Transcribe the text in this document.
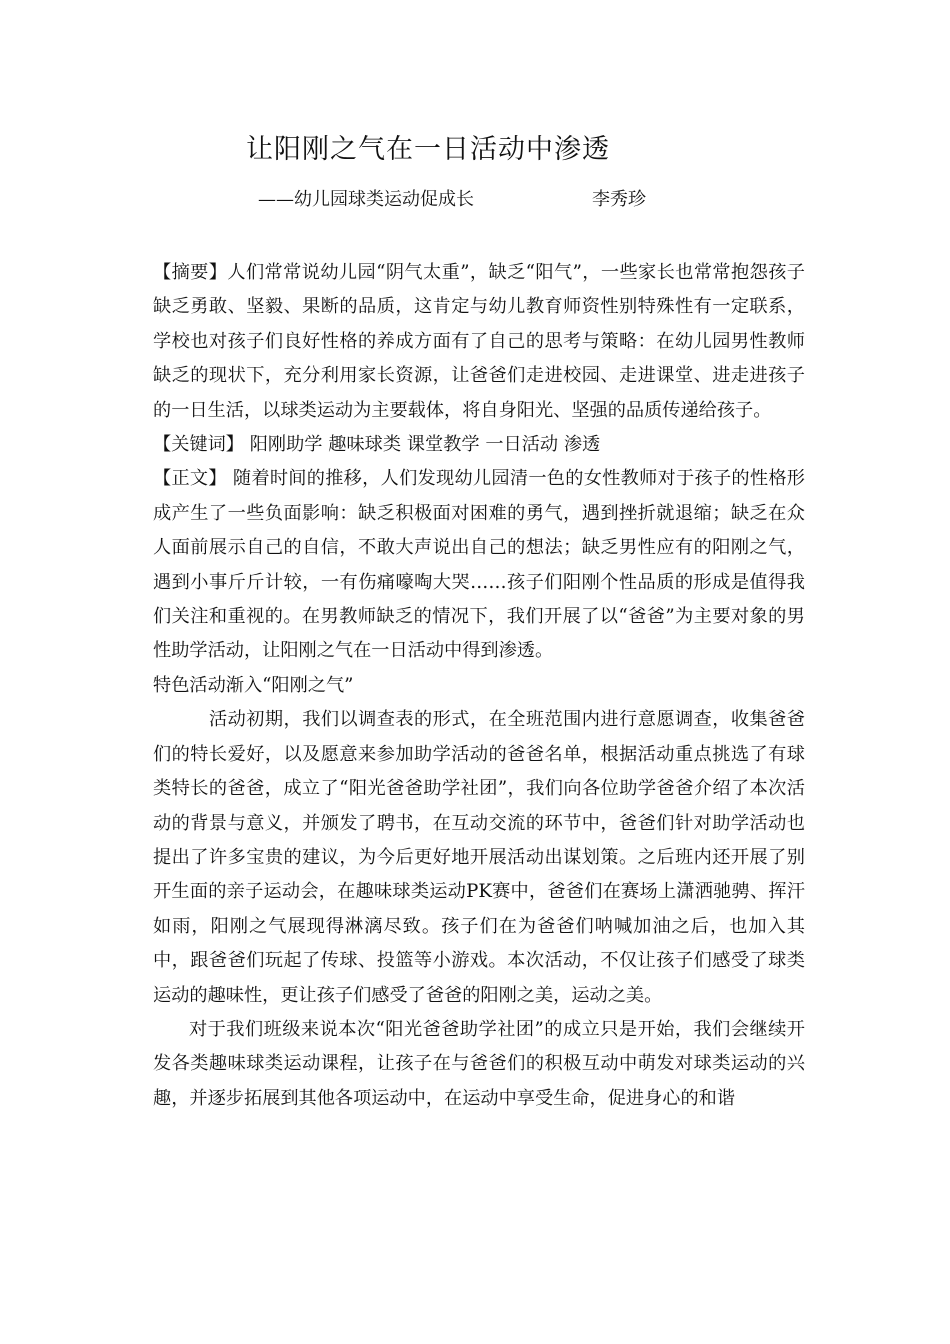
让阳刚之气在一日活动中渗透
——幼儿园球类运动促成长	李秀珍

【摘要】人们常常说幼儿园“阴气太重”，缺乏“阳气”，一些家长也常常抱怨孩子缺乏勇敢、坚毅、果断的品质，这肯定与幼儿教育师资性别特殊性有一定联系，学校也对孩子们良好性格的养成方面有了自己的思考与策略：在幼儿园男性教师缺乏的现状下，充分利用家长资源，让爸爸们走进校园、走进课堂、进走进孩子的一日生活，以球类运动为主要载体，将自身阳光、坚强的品质传递给孩子。

【关键词】 阳刚助学 趣味球类 课堂教学 一日活动 渗透

【正文】 随着时间的推移，人们发现幼儿园清一色的女性教师对于孩子的性格形成产生了一些负面影响：缺乏积极面对困难的勇气，遇到挫折就退缩；缺乏在众人面前展示自己的自信，不敢大声说出自己的想法；缺乏男性应有的阳刚之气，遇到小事斤斤计较，一有伤痛嚎啕大哭……孩子们阳刚个性品质的形成是值得我们关注和重视的。在男教师缺乏的情况下，我们开展了以“爸爸”为主要对象的男性助学活动，让阳刚之气在一日活动中得到渗透。

特色活动渐入“阳刚之气”

活动初期，我们以调查表的形式，在全班范围内进行意愿调查，收集爸爸们的特长爱好，以及愿意来参加助学活动的爸爸名单，根据活动重点挑选了有球类特长的爸爸，成立了“阳光爸爸助学社团”，我们向各位助学爸爸介绍了本次活动的背景与意义，并颁发了聘书，在互动交流的环节中，爸爸们针对助学活动也提出了许多宝贵的建议，为今后更好地开展活动出谋划策。之后班内还开展了别开生面的亲子运动会，在趣味球类运动PK赛中，爸爸们在赛场上潇洒驰骋、挥汗如雨，阳刚之气展现得淋漓尽致。孩子们在为爸爸们呐喊加油之后，也加入其中，跟爸爸们玩起了传球、投篮等小游戏。本次活动，不仅让孩子们感受了球类运动的趣味性，更让孩子们感受了爸爸的阳刚之美，运动之美。

对于我们班级来说本次“阳光爸爸助学社团”的成立只是开始，我们会继续开发各类趣味球类运动课程，让孩子在与爸爸们的积极互动中萌发对球类运动的兴趣，并逐步拓展到其他各项运动中，在运动中享受生命，促进身心的和谐
